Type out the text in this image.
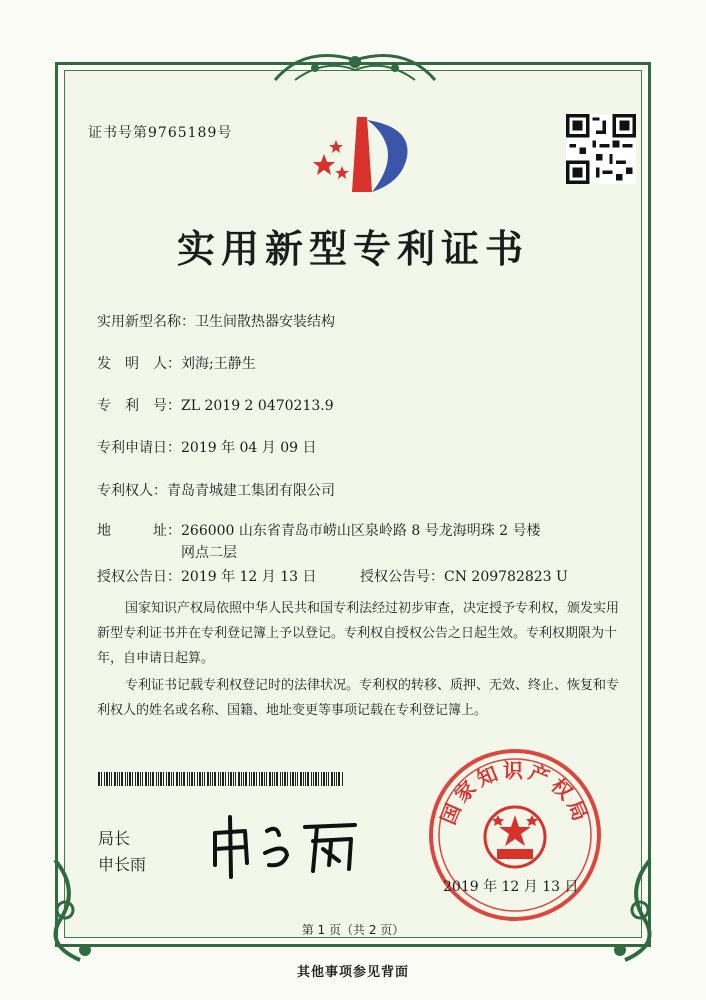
证书号第9765189号
实用新型专利证书
实用新型名称：卫生间散热器安装结构
发　明　人：刘海;王静生
专　利　号：ZL 2019 2 0470213.9
专利申请日：2019 年 04 月 09 日
专利权人：青岛青城建工集团有限公司
地　　　址：266000 山东省青岛市崂山区泉岭路 8 号龙海明珠 2 号楼网点二层
授权公告日：2019 年 12 月 13 日	授权公告号：CN 209782823 U
国家知识产权局依照中华人民共和国专利法经过初步审查，决定授予专利权，颁发实用新型专利证书并在专利登记簿上予以登记。专利权自授权公告之日起生效。专利权期限为十年，自申请日起算。
专利证书记载专利权登记时的法律状况。专利权的转移、质押、无效、终止、恢复和专利权人的姓名或名称、国籍、地址变更等事项记载在专利登记簿上。
局长
申长雨
国家知识产权局
2019 年 12 月 13 日
第 1 页（共 2 页）
其他事项参见背面
